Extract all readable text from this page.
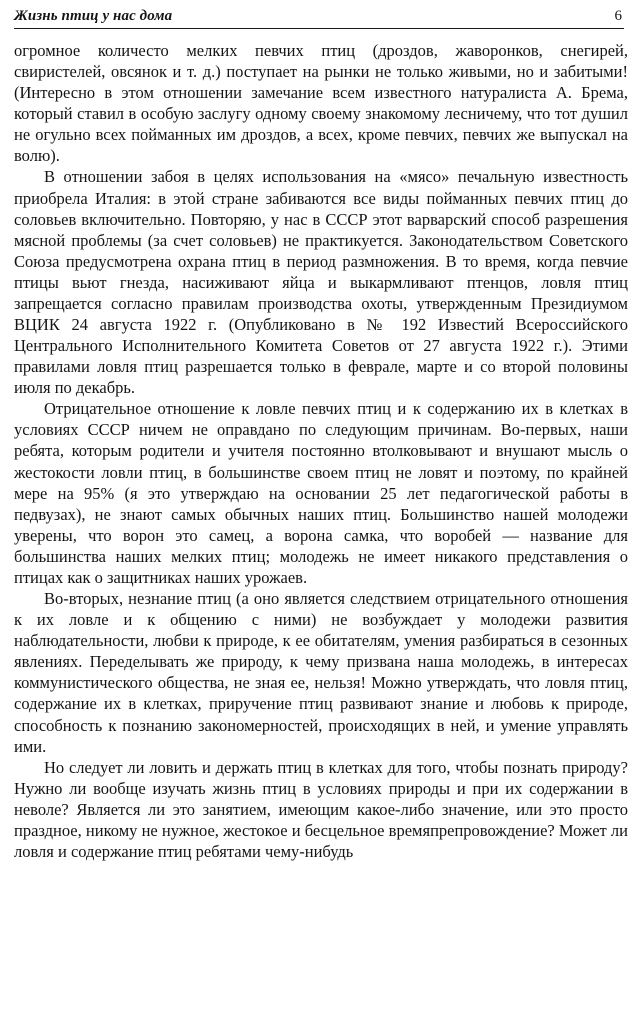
Жизнь птиц у нас дома	6

огромное количесто мелких певчих птиц (дроздов, жаворонков, снегирей, свиристелей, овсянок и т. д.) поступает на рынки не только живыми, но и забитыми! (Интересно в этом отношении замечание всем известного натуралиста А. Брема, который ставил в особую заслугу одному своему знакомому лесничему, что тот душил не огульно всех пойманных им дроздов, а всех, кроме певчих, певчих же выпускал на волю).

В отношении забоя в целях использования на «мясо» печальную известность приобрела Италия: в этой стране забиваются все виды пойманных певчих птиц до соловьев включительно. Повторяю, у нас в СССР этот варварский способ разрешения мясной проблемы (за счет соловьев) не практикуется. Законодательством Советского Союза предусмотрена охрана птиц в период размножения. В то время, когда певчие птицы вьют гнезда, насиживают яйца и выкармливают птенцов, ловля птиц запрещается согласно правилам производства охоты, утвержденным Президиумом ВЦИК 24 августа 1922 г. (Опубликовано в № 192 Известий Всероссийского Центрального Исполнительного Комитета Советов от 27 августа 1922 г.). Этими правилами ловля птиц разрешается только в феврале, марте и со второй половины июля по декабрь.

Отрицательное отношение к ловле певчих птиц и к содержанию их в клетках в условиях СССР ничем не оправдано по следующим причинам. Во-первых, наши ребята, которым родители и учителя постоянно втолковывают и внушают мысль о жестокости ловли птиц, в большинстве своем птиц не ловят и поэтому, по крайней мере на 95% (я это утверждаю на основании 25 лет педагогической работы в педвузах), не знают самых обычных наших птиц. Большинство нашей молодежи уверены, что ворон это самец, а ворона самка, что воробей — название для большинства наших мелких птиц; молодежь не имеет никакого представления о птицах как о защитниках наших урожаев.

Во-вторых, незнание птиц (а оно является следствием отрицательного отношения к их ловле и к общению с ними) не возбуждает у молодежи развития наблюдательности, любви к природе, к ее обитателям, умения разбираться в сезонных явлениях. Переделывать же природу, к чему призвана наша молодежь, в интересах коммунистического общества, не зная ее, нельзя! Можно утверждать, что ловля птиц, содержание их в клетках, приручение птиц развивают знание и любовь к природе, способность к познанию закономерностей, происходящих в ней, и умение управлять ими.

Но следует ли ловить и держать птиц в клетках для того, чтобы познать природу? Нужно ли вообще изучать жизнь птиц в условиях природы и при их содержании в неволе? Является ли это занятием, имеющим какое-либо значение, или это просто праздное, никому не нужное, жестокое и бесцельное времяпрепровождение? Может ли ловля и содержание птиц ребятами чему-нибудь
